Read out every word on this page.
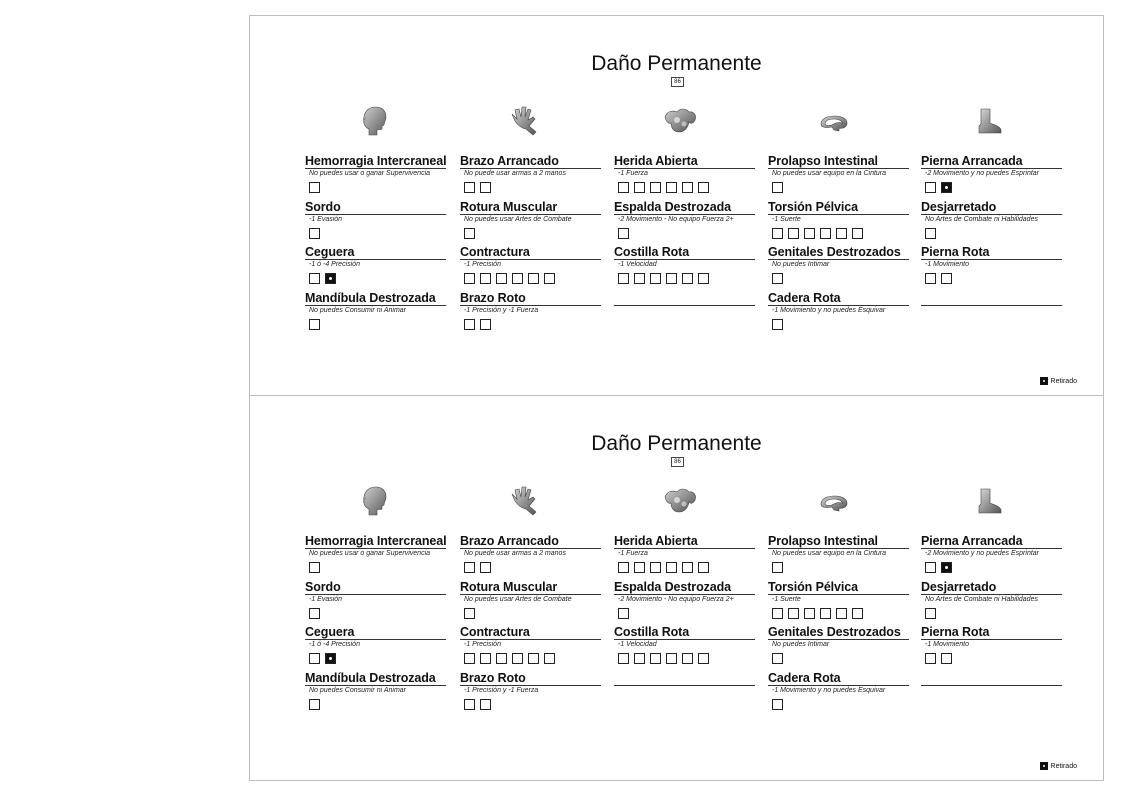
Daño Permanente
86
Hemorragia Intercraneal
No puedes usar o ganar Supervivencia
Sordo
-1 Evasión
Ceguera
-1 ó -4 Precisión
Mandíbula Destrozada
No puedes Consumir ni Animar
Brazo Arrancado
No puede usar armas a 2 manos
Rotura Muscular
No puedes usar Artes de Combate
Contractura
-1 Precisión
Brazo Roto
-1 Precisión y -1 Fuerza
Herida Abierta
-1 Fuerza
Espalda Destrozada
-2 Movimiento - No equipo Fuerza 2+
Costilla Rota
-1 Velocidad
Prolapso Intestinal
No puedes usar equipo en la Cintura
Torsión Pélvica
-1 Suerte
Genitales Destrozados
No puedes Intimar
Cadera Rota
-1 Movimiento y no puedes Esquivar
Pierna Arrancada
-2 Movimiento y no puedes Esprintar
Desjarretado
No Artes de Combate ni Habilidades
Pierna Rota
-1 Movimiento
Retirado
Daño Permanente
86
Hemorragia Intercraneal
No puedes usar o ganar Supervivencia
Sordo
-1 Evasión
Ceguera
-1 ó -4 Precisión
Mandíbula Destrozada
No puedes Consumir ni Animar
Brazo Arrancado
No puede usar armas a 2 manos
Rotura Muscular
No puedes usar Artes de Combate
Contractura
-1 Precisión
Brazo Roto
-1 Precisión y -1 Fuerza
Herida Abierta
-1 Fuerza
Espalda Destrozada
-2 Movimiento - No equipo Fuerza 2+
Costilla Rota
-1 Velocidad
Prolapso Intestinal
No puedes usar equipo en la Cintura
Torsión Pélvica
-1 Suerte
Genitales Destrozados
No puedes Intimar
Cadera Rota
-1 Movimiento y no puedes Esquivar
Pierna Arrancada
-2 Movimiento y no puedes Esprintar
Desjarretado
No Artes de Combate ni Habilidades
Pierna Rota
-1 Movimiento
Retirado
